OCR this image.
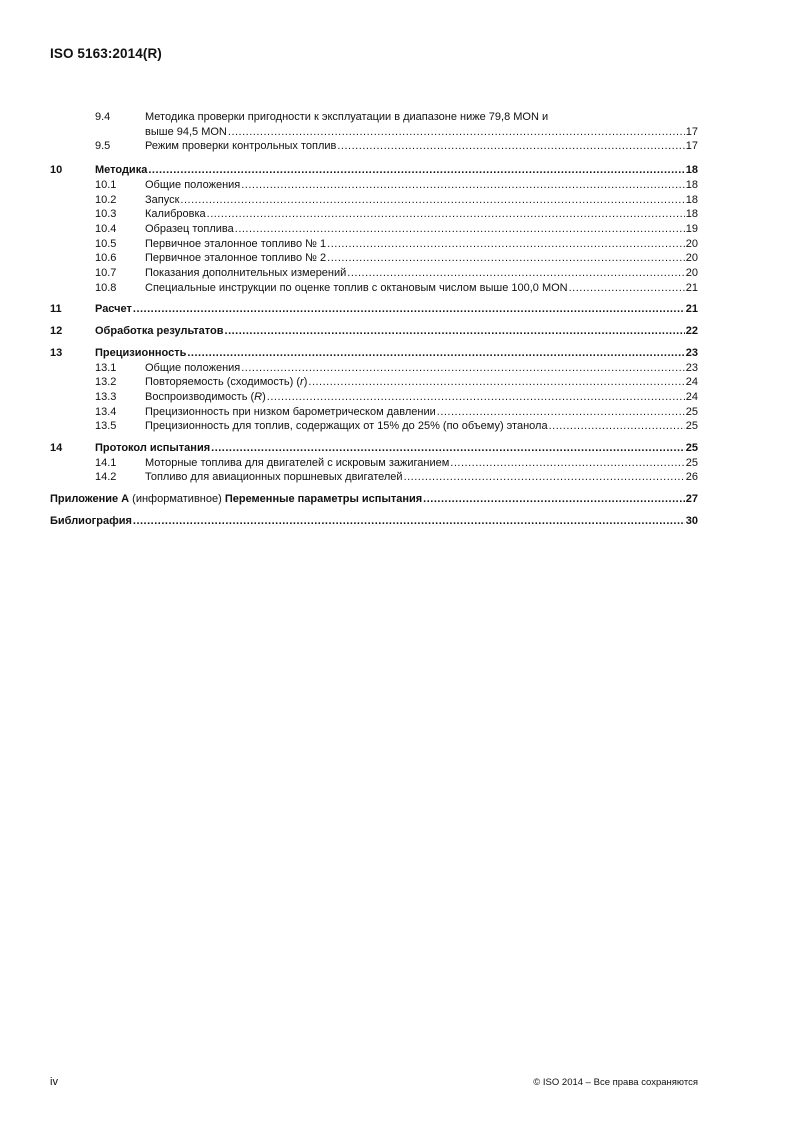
ISO 5163:2014(R)
9.4	Методика проверки пригодности к эксплуатации в диапазоне ниже 79,8 MON и
выше 94,5 MON .....	17
9.5	Режим проверки контрольных топлив .....	17
10	Методика .....	18
10.1	Общие положения .....	18
10.2	Запуск .....	18
10.3	Калибровка .....	18
10.4	Образец топлива .....	19
10.5	Первичное эталонное топливо № 1 .....	20
10.6	Первичное эталонное топливо № 2 .....	20
10.7	Показания дополнительных измерений .....	20
10.8	Специальные инструкции по оценке топлив с октановым числом выше 100,0 MON .....	21
11	Расчет .....	21
12	Обработка результатов .....	22
13	Прецизионность .....	23
13.1	Общие положения .....	23
13.2	Повторяемость (сходимость) (r) .....	24
13.3	Воспроизводимость (R) .....	24
13.4	Прецизионность при низком барометрическом давлении .....	25
13.5	Прецизионность для топлив, содержащих от 15% до 25% (по объему) этанола .....	25
14	Протокол испытания .....	25
14.1	Моторные топлива для двигателей с искровым зажиганием .....	25
14.2	Топливо для авиационных поршневых двигателей .....	26
Приложение А (информативное) Переменные параметры испытания .....	27
Библиография .....	30
iv	© ISO 2014 – Все права сохраняются
